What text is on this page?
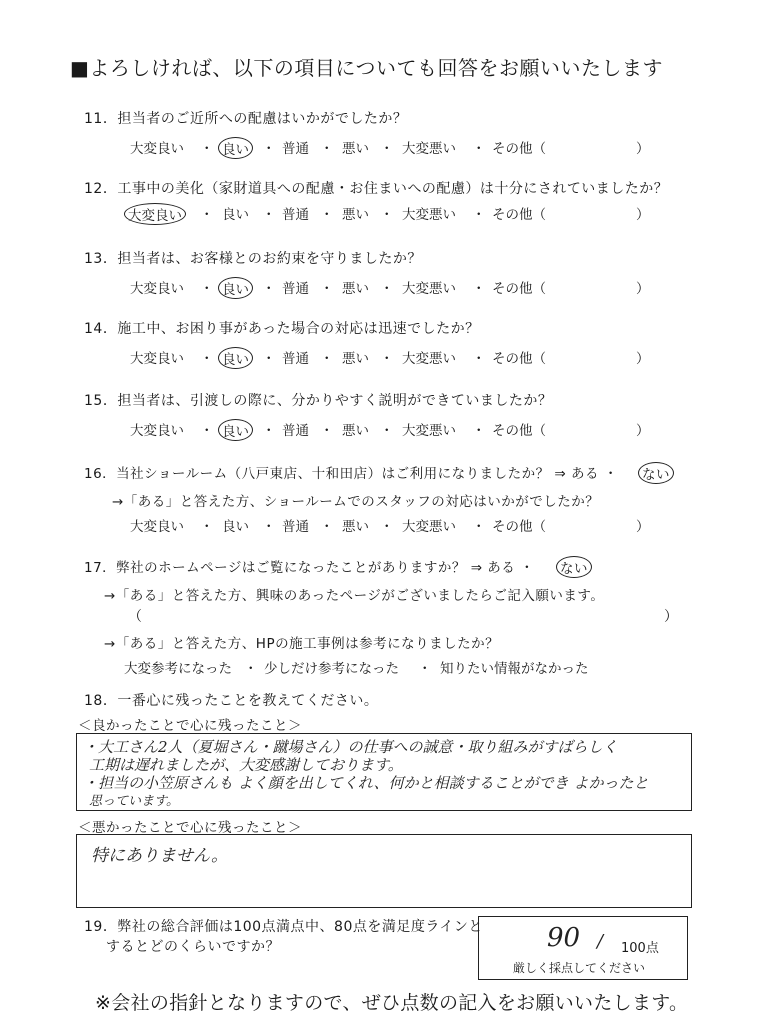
■よろしければ、以下の項目についても回答をお願いいたします
11．担当者のご近所への配慮はいかがでしたか？
大変良い ・ 良い ・ 普通 ・ 悪い ・ 大変悪い ・ その他（	）
12．工事中の美化（家財道具への配慮・お住まいへの配慮）は十分にされていましたか？
大変良い ・ 良い ・ 普通 ・ 悪い ・ 大変悪い ・ その他（	）
13．担当者は、お客様とのお約束を守りましたか？
大変良い ・ 良い ・ 普通 ・ 悪い ・ 大変悪い ・ その他（	）
14．施工中、お困り事があった場合の対応は迅速でしたか？
大変良い ・ 良い ・ 普通 ・ 悪い ・ 大変悪い ・ その他（	）
15．担当者は、引渡しの際に、分かりやすく説明ができていましたか？
大変良い ・ 良い ・ 普通 ・ 悪い ・ 大変悪い ・ その他（	）
16．当社ショールーム（八戸東店、十和田店）はご利用になりましたか？ ⇒ ある ・ ない
→「ある」と答えた方、ショールームでのスタッフの対応はいかがでしたか？
大変良い ・ 良い ・ 普通 ・ 悪い ・ 大変悪い ・ その他（	）
17．弊社のホームページはご覧になったことがありますか？ ⇒ ある ・ ない
→「ある」と答えた方、興味のあったページがございましたらご記入願います。
（	）
→「ある」と答えた方、HPの施工事例は参考になりましたか？
大変参考になった ・ 少しだけ参考になった ・ 知りたい情報がなかった
18．一番心に残ったことを教えてください。
＜良かったことで心に残ったこと＞
・大工さん2人（夏堀さん・蹴場さん）の仕事への誠意・取り組みがすばらしく
工期は遅れましたが、大変感謝しております。
・担当の小笠原さんも よく顔を出してくれ、何かと相談することができ よかったと
思っています。
＜悪かったことで心に残ったこと＞
特にありません。
19．弊社の総合評価は100点満点中、80点を満足度ラインと
するとどのくらいですか？	90 / 100点
厳しく採点してください
※会社の指針となりますので、ぜひ点数の記入をお願いいたします。
